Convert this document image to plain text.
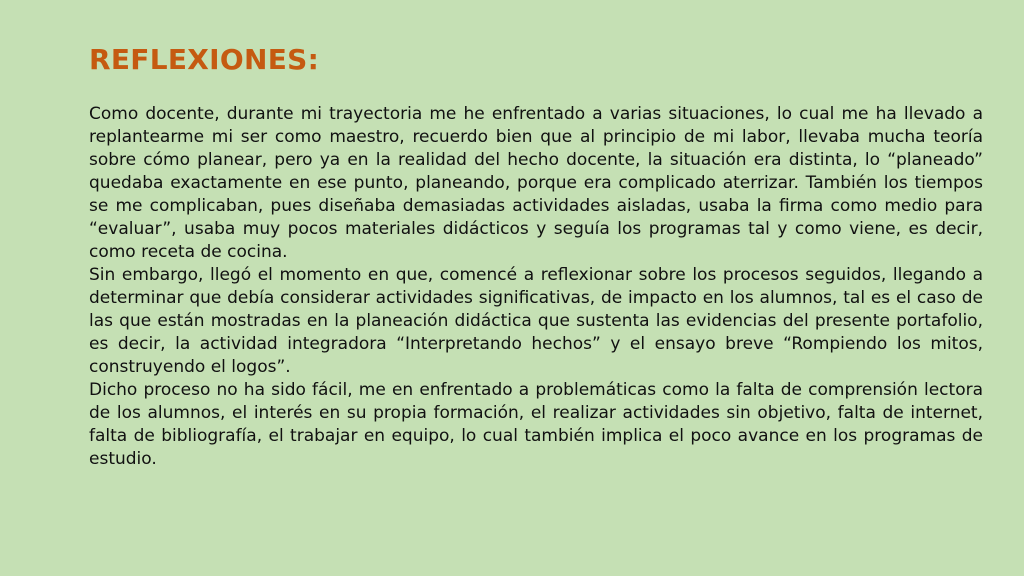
REFLEXIONES:

Como docente, durante mi trayectoria me he enfrentado a varias situaciones, lo cual me ha llevado a replantearme mi ser como maestro, recuerdo bien que al principio de mi labor, llevaba mucha teoría sobre cómo planear, pero ya en la realidad del hecho docente, la situación era distinta, lo “planeado” quedaba exactamente en ese punto, planeando, porque era complicado aterrizar. También los tiempos se me complicaban, pues diseñaba demasiadas actividades aisladas, usaba la firma como medio para “evaluar”, usaba muy pocos materiales didácticos y seguía los programas tal y como viene, es decir, como receta de cocina.

Sin embargo, llegó el momento en que, comencé a reflexionar sobre los procesos seguidos, llegando a determinar que debía considerar actividades significativas, de impacto en los alumnos, tal es el caso de las que están mostradas en la planeación didáctica que sustenta las evidencias del presente portafolio, es decir, la actividad integradora “Interpretando hechos” y el ensayo breve “Rompiendo los mitos, construyendo el logos”.

Dicho proceso no ha sido fácil, me en enfrentado a problemáticas como la falta de comprensión lectora de los alumnos, el interés en su propia formación, el realizar actividades sin objetivo, falta de internet, falta de bibliografía, el trabajar en equipo, lo cual también implica el poco avance en los programas de estudio.
